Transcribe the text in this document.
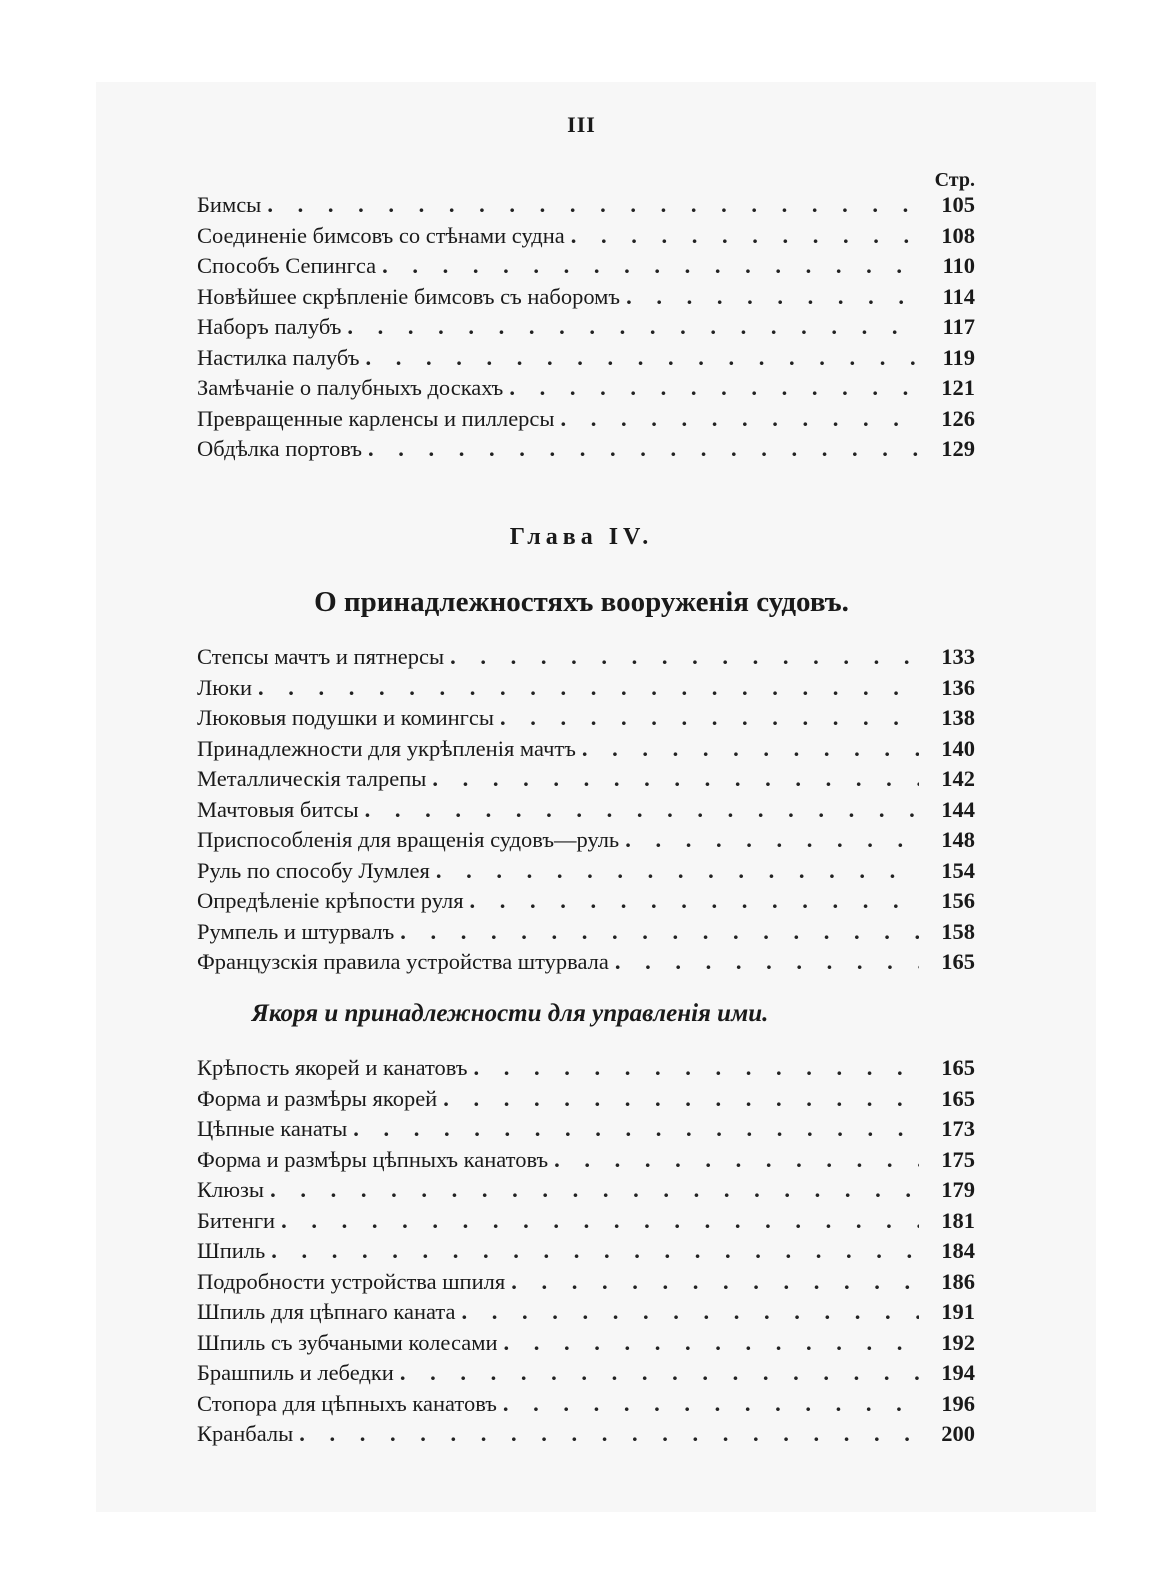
III
Стр.
Бимсы . . .	105
Соединеніе бимсовъ со стѣнами судна . . .	108
Способъ Сепингса . . .	110
Новѣйшее скрѣпленіе бимсовъ съ наборомъ . . .	114
Наборъ палубъ . . .	117
Настилка палубъ . . .	119
Замѣчаніе о палубныхъ доскахъ . . .	121
Превращенные карленсы и пиллерсы . . .	126
Обдѣлка портовъ . . .	129
Глава IV.
О принадлежностяхъ вооруженія судовъ.
Степсы мачтъ и пятнерсы . . .	133
Люки . . .	136
Люковыя подушки и комингсы . . .	138
Принадлежности для укрѣпленія мачтъ . . .	140
Металлическія талрепы . . .	142
Мачтовыя битсы . . .	144
Приспособленія для вращенія судовъ—руль . . .	148
Руль по способу Лумлея . . .	154
Опредѣленіе крѣпости руля . . .	156
Румпель и штурвалъ . . .	158
Французскія правила устройства штурвала . . .	165
Якоря и принадлежности для управленія ими.
Крѣпость якорей и канатовъ . . .	165
Форма и размѣры якорей . . .	165
Цѣпные канаты . . .	173
Форма и размѣры цѣпныхъ канатовъ . . .	175
Клюзы . . .	179
Битенги . . .	181
Шпиль . . .	184
Подробности устройства шпиля . . .	186
Шпиль для цѣпнаго каната . . .	191
Шпиль съ зубчаными колесами . . .	192
Брашпиль и лебедки . . .	194
Стопора для цѣпныхъ канатовъ . . .	196
Кранбалы . . .	200
